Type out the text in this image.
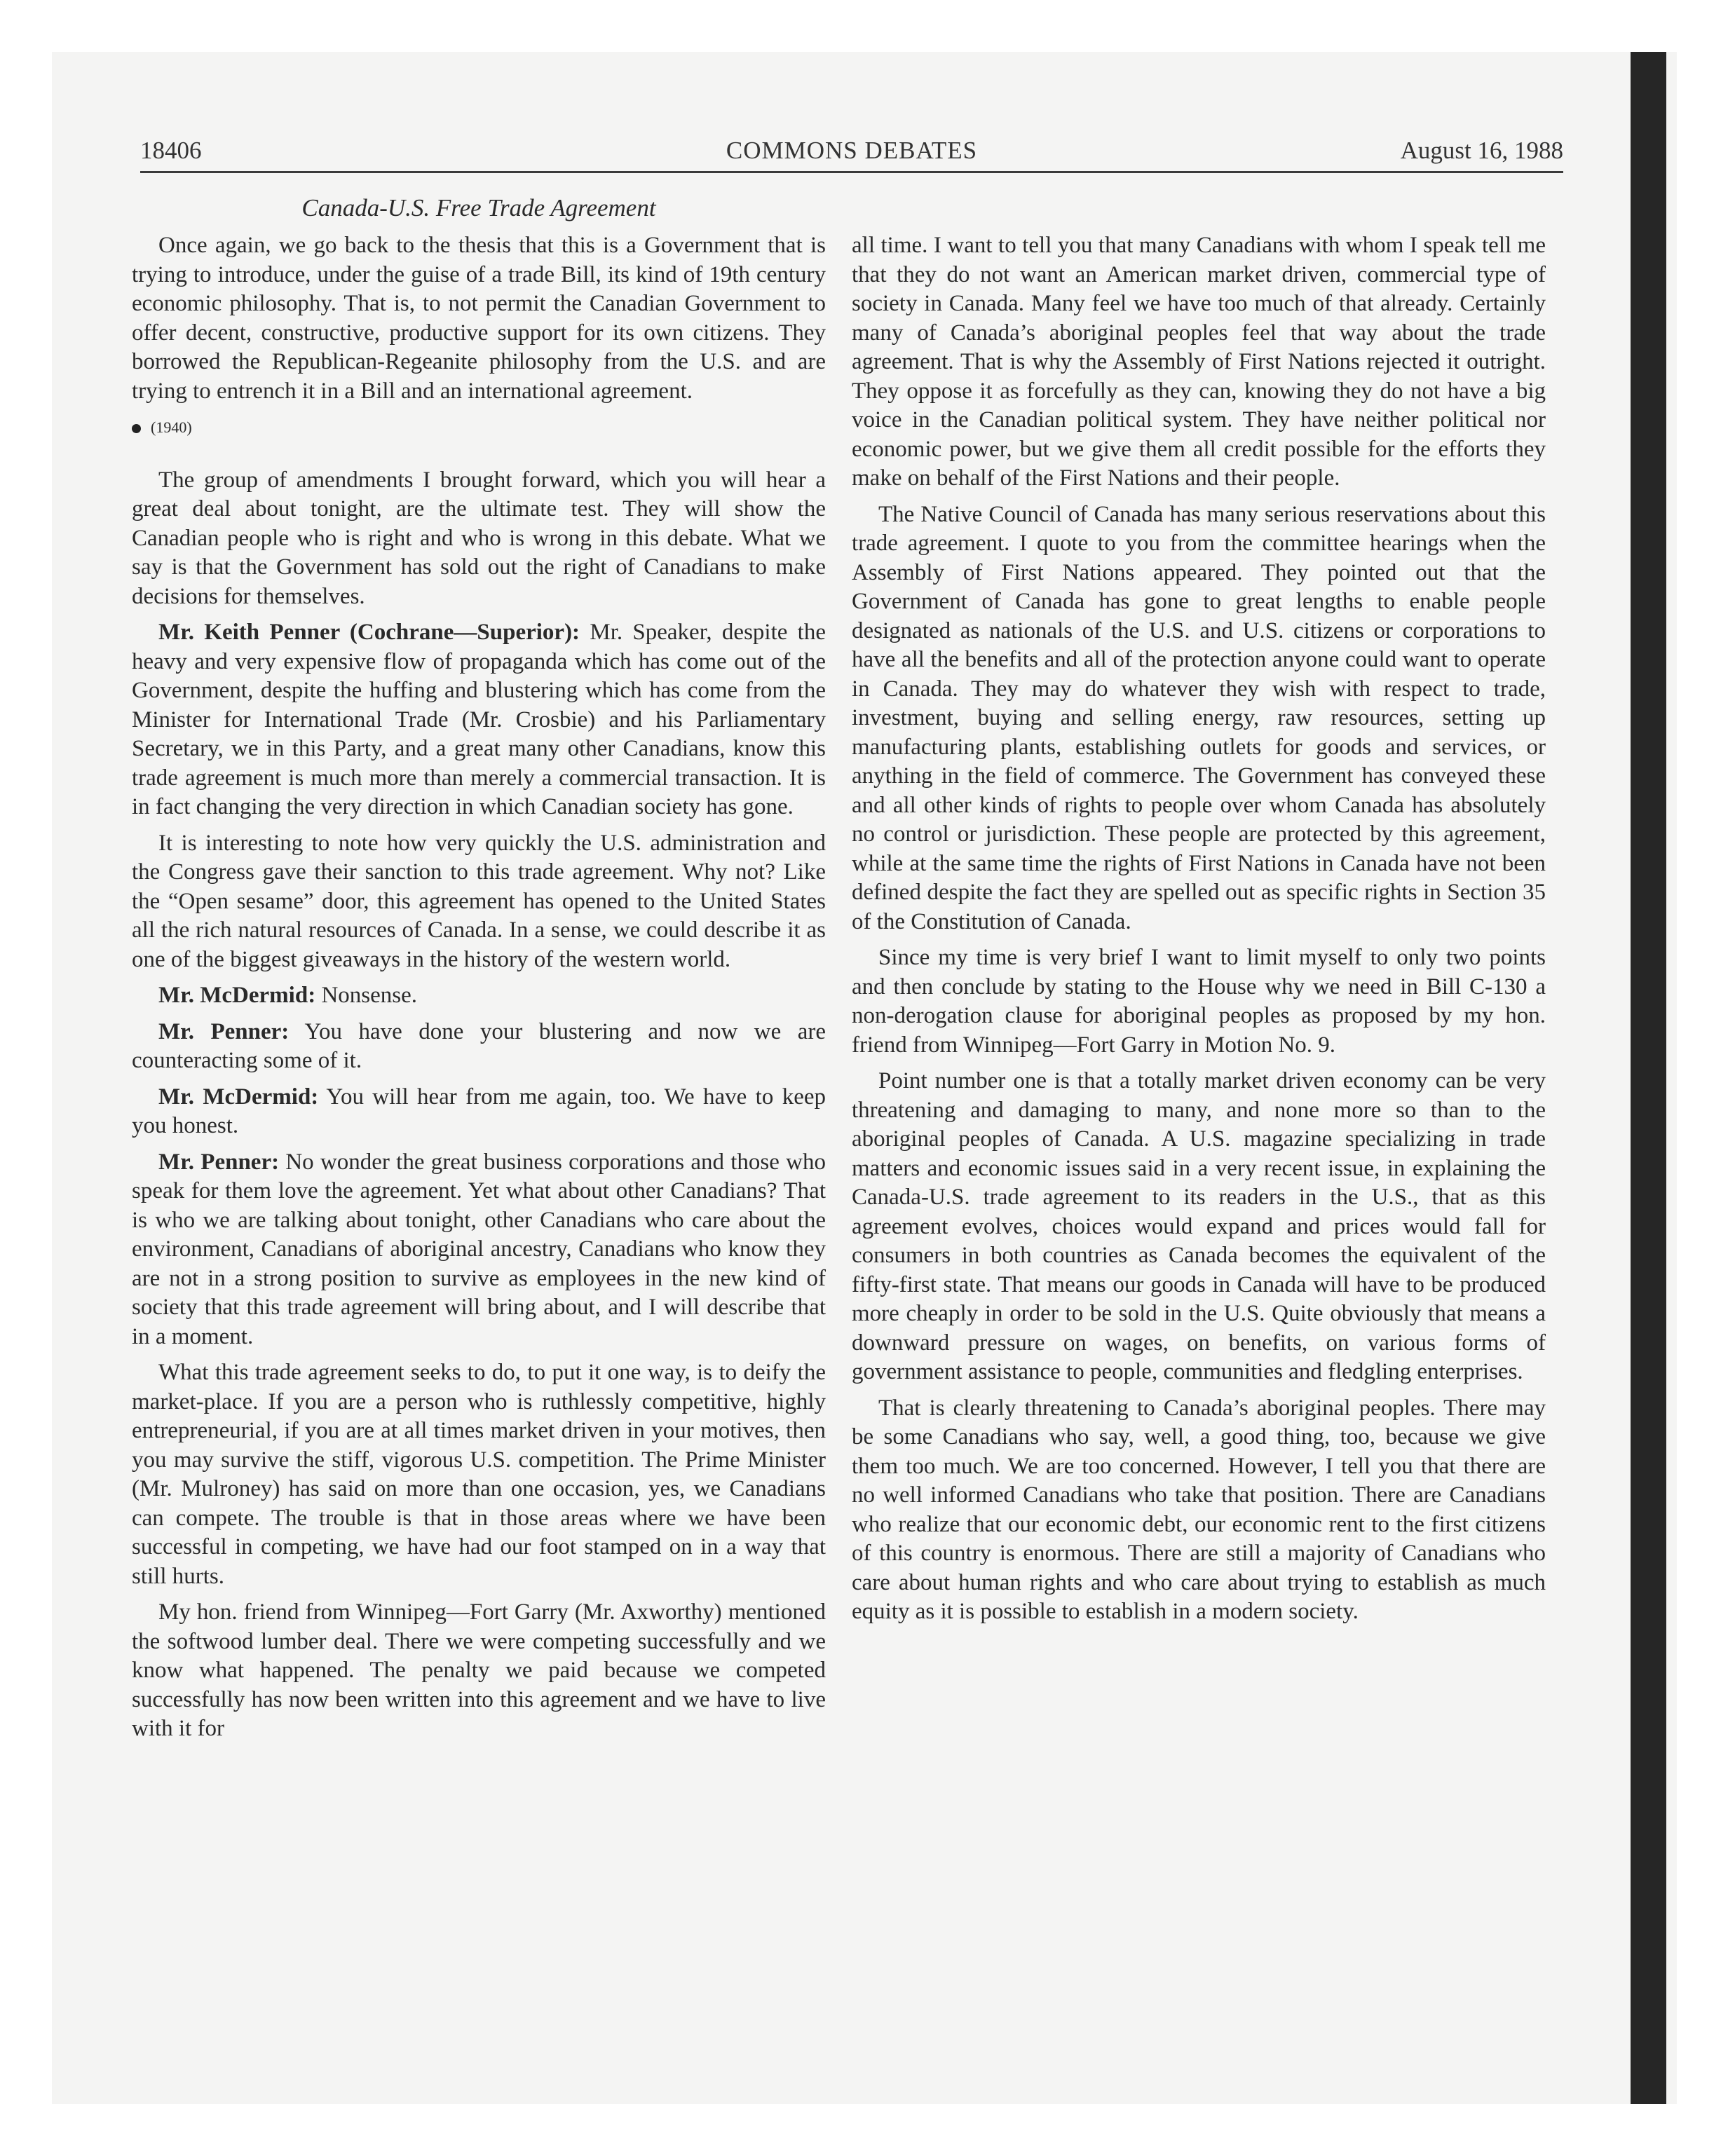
18406	COMMONS DEBATES	August 16, 1988
Canada-U.S. Free Trade Agreement

Once again, we go back to the thesis that this is a Government that is trying to introduce, under the guise of a trade Bill, its kind of 19th century economic philosophy. That is, to not permit the Canadian Government to offer decent, constructive, productive support for its own citizens. They borrowed the Republican-Regeanite philosophy from the U.S. and are trying to entrench it in a Bill and an international agreement.

(1940)

The group of amendments I brought forward, which you will hear a great deal about tonight, are the ultimate test. They will show the Canadian people who is right and who is wrong in this debate. What we say is that the Government has sold out the right of Canadians to make decisions for themselves.

Mr. Keith Penner (Cochrane—Superior): Mr. Speaker, despite the heavy and very expensive flow of propaganda which has come out of the Government, despite the huffing and blustering which has come from the Minister for International Trade (Mr. Crosbie) and his Parliamentary Secretary, we in this Party, and a great many other Canadians, know this trade agreement is much more than merely a commercial transaction. It is in fact changing the very direction in which Canadian society has gone.

It is interesting to note how very quickly the U.S. administration and the Congress gave their sanction to this trade agreement. Why not? Like the “Open sesame” door, this agreement has opened to the United States all the rich natural resources of Canada. In a sense, we could describe it as one of the biggest giveaways in the history of the western world.

Mr. McDermid: Nonsense.

Mr. Penner: You have done your blustering and now we are counteracting some of it.

Mr. McDermid: You will hear from me again, too. We have to keep you honest.

Mr. Penner: No wonder the great business corporations and those who speak for them love the agreement. Yet what about other Canadians? That is who we are talking about tonight, other Canadians who care about the environment, Canadians of aboriginal ancestry, Canadians who know they are not in a strong position to survive as employees in the new kind of society that this trade agreement will bring about, and I will describe that in a moment.

What this trade agreement seeks to do, to put it one way, is to deify the market-place. If you are a person who is ruthlessly competitive, highly entrepreneurial, if you are at all times market driven in your motives, then you may survive the stiff, vigorous U.S. competition. The Prime Minister (Mr. Mulroney) has said on more than one occasion, yes, we Canadians can compete. The trouble is that in those areas where we have been successful in competing, we have had our foot stamped on in a way that still hurts.

My hon. friend from Winnipeg—Fort Garry (Mr. Axworthy) mentioned the softwood lumber deal. There we were competing successfully and we know what happened. The penalty we paid because we competed successfully has now been written into this agreement and we have to live with it for

all time. I want to tell you that many Canadians with whom I speak tell me that they do not want an American market driven, commercial type of society in Canada. Many feel we have too much of that already. Certainly many of Canada’s aboriginal peoples feel that way about the trade agreement. That is why the Assembly of First Nations rejected it outright. They oppose it as forcefully as they can, knowing they do not have a big voice in the Canadian political system. They have neither political nor economic power, but we give them all credit possible for the efforts they make on behalf of the First Nations and their people.

The Native Council of Canada has many serious reservations about this trade agreement. I quote to you from the committee hearings when the Assembly of First Nations appeared. They pointed out that the Government of Canada has gone to great lengths to enable people designated as nationals of the U.S. and U.S. citizens or corporations to have all the benefits and all of the protection anyone could want to operate in Canada. They may do whatever they wish with respect to trade, investment, buying and selling energy, raw resources, setting up manufacturing plants, establishing outlets for goods and services, or anything in the field of commerce. The Government has conveyed these and all other kinds of rights to people over whom Canada has absolutely no control or jurisdiction. These people are protected by this agreement, while at the same time the rights of First Nations in Canada have not been defined despite the fact they are spelled out as specific rights in Section 35 of the Constitution of Canada.

Since my time is very brief I want to limit myself to only two points and then conclude by stating to the House why we need in Bill C-130 a non-derogation clause for aboriginal peoples as proposed by my hon. friend from Winnipeg—Fort Garry in Motion No. 9.

Point number one is that a totally market driven economy can be very threatening and damaging to many, and none more so than to the aboriginal peoples of Canada. A U.S. magazine specializing in trade matters and economic issues said in a very recent issue, in explaining the Canada-U.S. trade agreement to its readers in the U.S., that as this agreement evolves, choices would expand and prices would fall for consumers in both countries as Canada becomes the equivalent of the fifty-first state. That means our goods in Canada will have to be produced more cheaply in order to be sold in the U.S. Quite obviously that means a downward pressure on wages, on benefits, on various forms of government assistance to people, communities and fledgling enterprises.

That is clearly threatening to Canada’s aboriginal peoples. There may be some Canadians who say, well, a good thing, too, because we give them too much. We are too concerned. However, I tell you that there are no well informed Canadians who take that position. There are Canadians who realize that our economic debt, our economic rent to the first citizens of this country is enormous. There are still a majority of Canadians who care about human rights and who care about trying to establish as much equity as it is possible to establish in a modern society.
